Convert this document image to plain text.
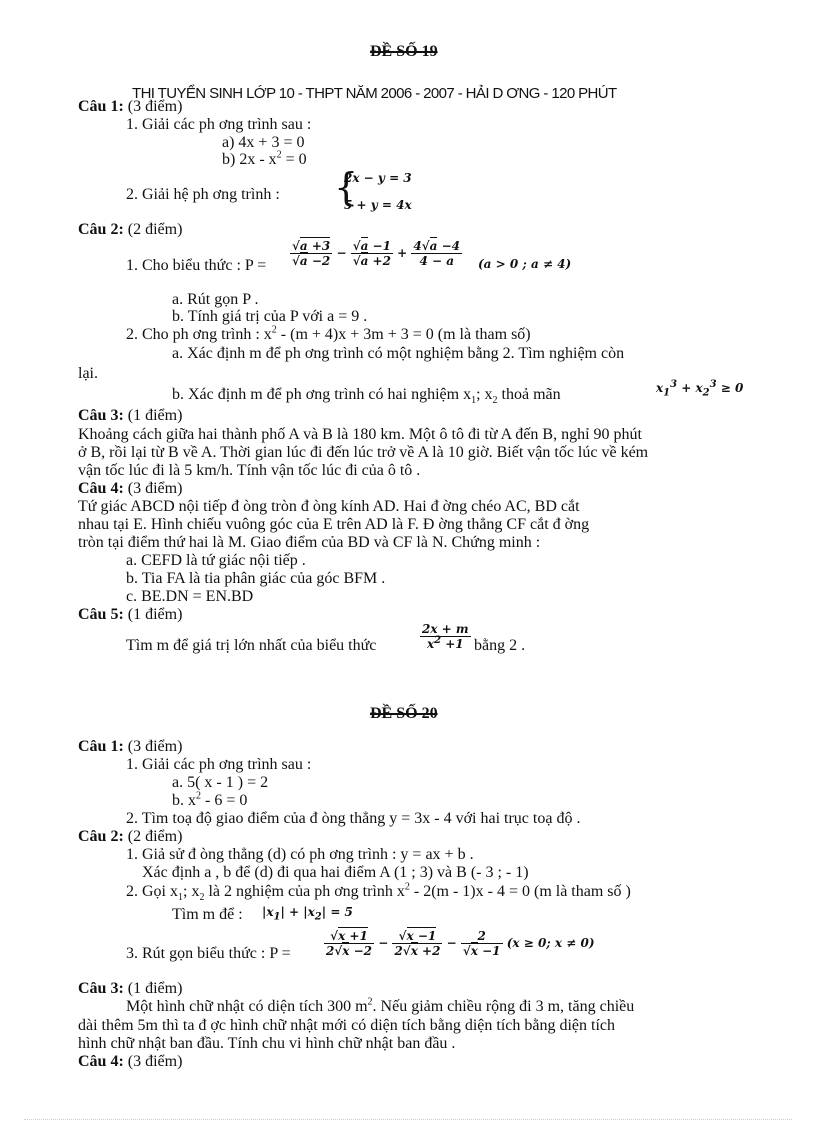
ĐỀ SỐ 19
THI TUYỂN SINH LỚP 10 - THPT NĂM 2006 - 2007 - HẢI D ƠNG - 120 PHÚT
Câu 1: (3 điểm)
1. Giải các ph ơng trình sau :
a) 4x + 3 = 0
b) $2x - x^2 = 0$
2. Giải hệ ph ơng trình : {
2x − y = 3
5 + y = 4x
Câu 2: (2 điểm)
1. Cho biểu thức : $P = \frac{√a +3}{√a -2} - \frac{√a -1}{√a +2} + \frac{4√a -4}{4 - a} (a > 0$ ; a ≠ 4)
a. Rút gọn P .
b. Tính giá trị của P với a = 9 .
2. Cho ph ơng trình : $x^2 - (m + 4)x + 3m + 3 = 0$ (m là tham số)
a. Xác định m để ph ơng trình có một nghiệm bằng 2. Tìm nghiệm còn
lại.
b. Xác định m để ph ơng trình có hai nghiệm $x_1$; $x_2$ thoả mãn	$x_1^3 + x_2^3 \ge 0$
Câu 3: (1 điểm)
Khoảng cách giữa hai thành phố A và B là 180 km. Một ô tô đi từ A đến B, nghỉ 90 phút
ở B, rồi lại từ B về A. Thời gian lúc đi đến lúc trở về A là 10 giờ. Biết vận tốc lúc về kém
vận tốc lúc đi là 5 km/h. Tính vận tốc lúc đi của ô tô .
Câu 4: (3 điểm)
Tứ giác ABCD nội tiếp đ òng tròn đ òng kính AD. Hai đ ờng chéo AC, BD cắt
nhau tại E. Hình chiếu vuông góc của E trên AD là F. Đ ờng thẳng CF cắt đ ờng
tròn tại điểm thứ hai là M. Giao điểm của BD và CF là N. Chứng minh :
a. CEFD là tứ giác nội tiếp .
b. Tia FA là tia phân giác của góc BFM .
c. BE.DN = EN.BD
Câu 5: (1 điểm)
Tìm m để giá trị lớn nhất của biểu thức	$\frac{2x + m}{x^2 +1}$ bằng 2 .
ĐỀ SỐ 20
Câu 1: (3 điểm)
1. Giải các ph ơng trình sau :
a. 5( x - 1 ) = 2
b. $x^2 - 6 = 0$
2. Tìm toạ độ giao điểm của đ òng thẳng y = 3x - 4 với hai trục toạ độ .
Câu 2: (2 điểm)
1. Giả sử đ òng thẳng (d) có ph ơng trình : y = ax + b .
Xác định a , b để (d) đi qua hai điểm A (1 ; 3) và B (- 3 ; - 1)
2. Gọi $x_1$; $x_2$ là 2 nghiệm của ph ơng trình $x^2 - 2(m - 1)x - 4 = 0$ (m là tham số )
Tìm m để : $|x_1| + |x_2| = 5$
3. Rút gọn biểu thức : P =	$\frac{√x +1}{2√x -2} - \frac{√x -1}{2√x +2} - \frac{2}{√x -1} (x \ge 0$; x ≠ 0)
Câu 3: (1 điểm)
Một hình chữ nhật có diện tích 300 $m^2$. Nếu giảm chiều rộng đi 3 m, tăng chiều
dài thêm 5m thì ta đ ợc hình chữ nhật mới có diện tích bằng diện tích bằng diện tích
hình chữ nhật ban đầu. Tính chu vi hình chữ nhật ban đầu .
Câu 4: (3 điểm)
